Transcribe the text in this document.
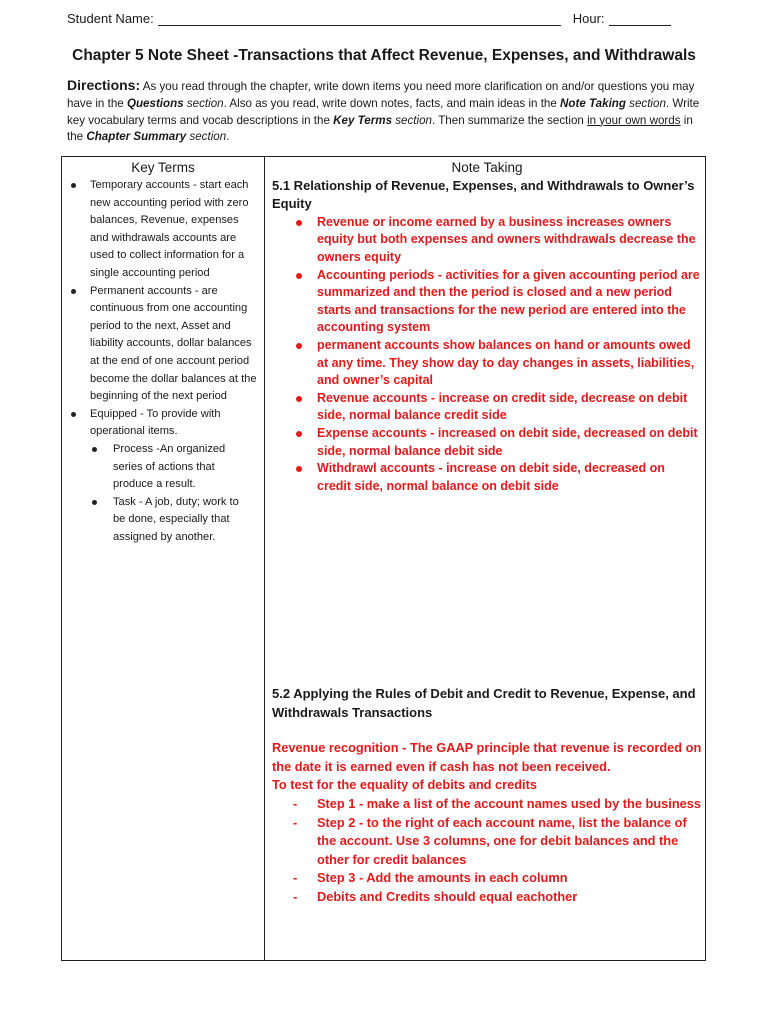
Student Name:	Hour:
Chapter 5 Note Sheet -Transactions that Affect Revenue, Expenses, and Withdrawals
Directions: As you read through the chapter, write down items you need more clarification on and/or questions you may have in the Questions section. Also as you read, write down notes, facts, and main ideas in the Note Taking section. Write key vocabulary terms and vocab descriptions in the Key Terms section. Then summarize the section in your own words in the Chapter Summary section.
Key Terms
Temporary accounts - start each new accounting period with zero balances, Revenue, expenses and withdrawals accounts are used to collect information for a single accounting period
Permanent accounts - are continuous from one accounting period to the next, Asset and liability accounts, dollar balances at the end of one account period become the dollar balances at the beginning of the next period
Equipped - To provide with operational items.
Process -An organized series of actions that produce a result.
Task - A job, duty; work to be done, especially that assigned by another.
Note Taking
5.1 Relationship of Revenue, Expenses, and Withdrawals to Owner’s Equity
Revenue or income earned by a business increases owners equity but both expenses and owners withdrawals decrease the owners equity
Accounting periods - activities for a given accounting period are summarized and then the period is closed and a new period starts and transactions for the new period are entered into the accounting system
permanent accounts show balances on hand or amounts owed at any time. They show day to day changes in assets, liabilities, and owner’s capital
Revenue accounts - increase on credit side, decrease on debit side, normal balance credit side
Expense accounts - increased on debit side, decreased on debit side, normal balance debit side
Withdrawl accounts - increase on debit side, decreased on credit side, normal balance on debit side
5.2 Applying the Rules of Debit and Credit to Revenue, Expense, and Withdrawals Transactions
Revenue recognition - The GAAP principle that revenue is recorded on the date it is earned even if cash has not been received.
To test for the equality of debits and credits
- Step 1 - make a list of the account names used by the business
- Step 2 - to the right of each account name, list the balance of the account. Use 3 columns, one for debit balances and the other for credit balances
- Step 3 - Add the amounts in each column
- Debits and Credits should equal eachother
